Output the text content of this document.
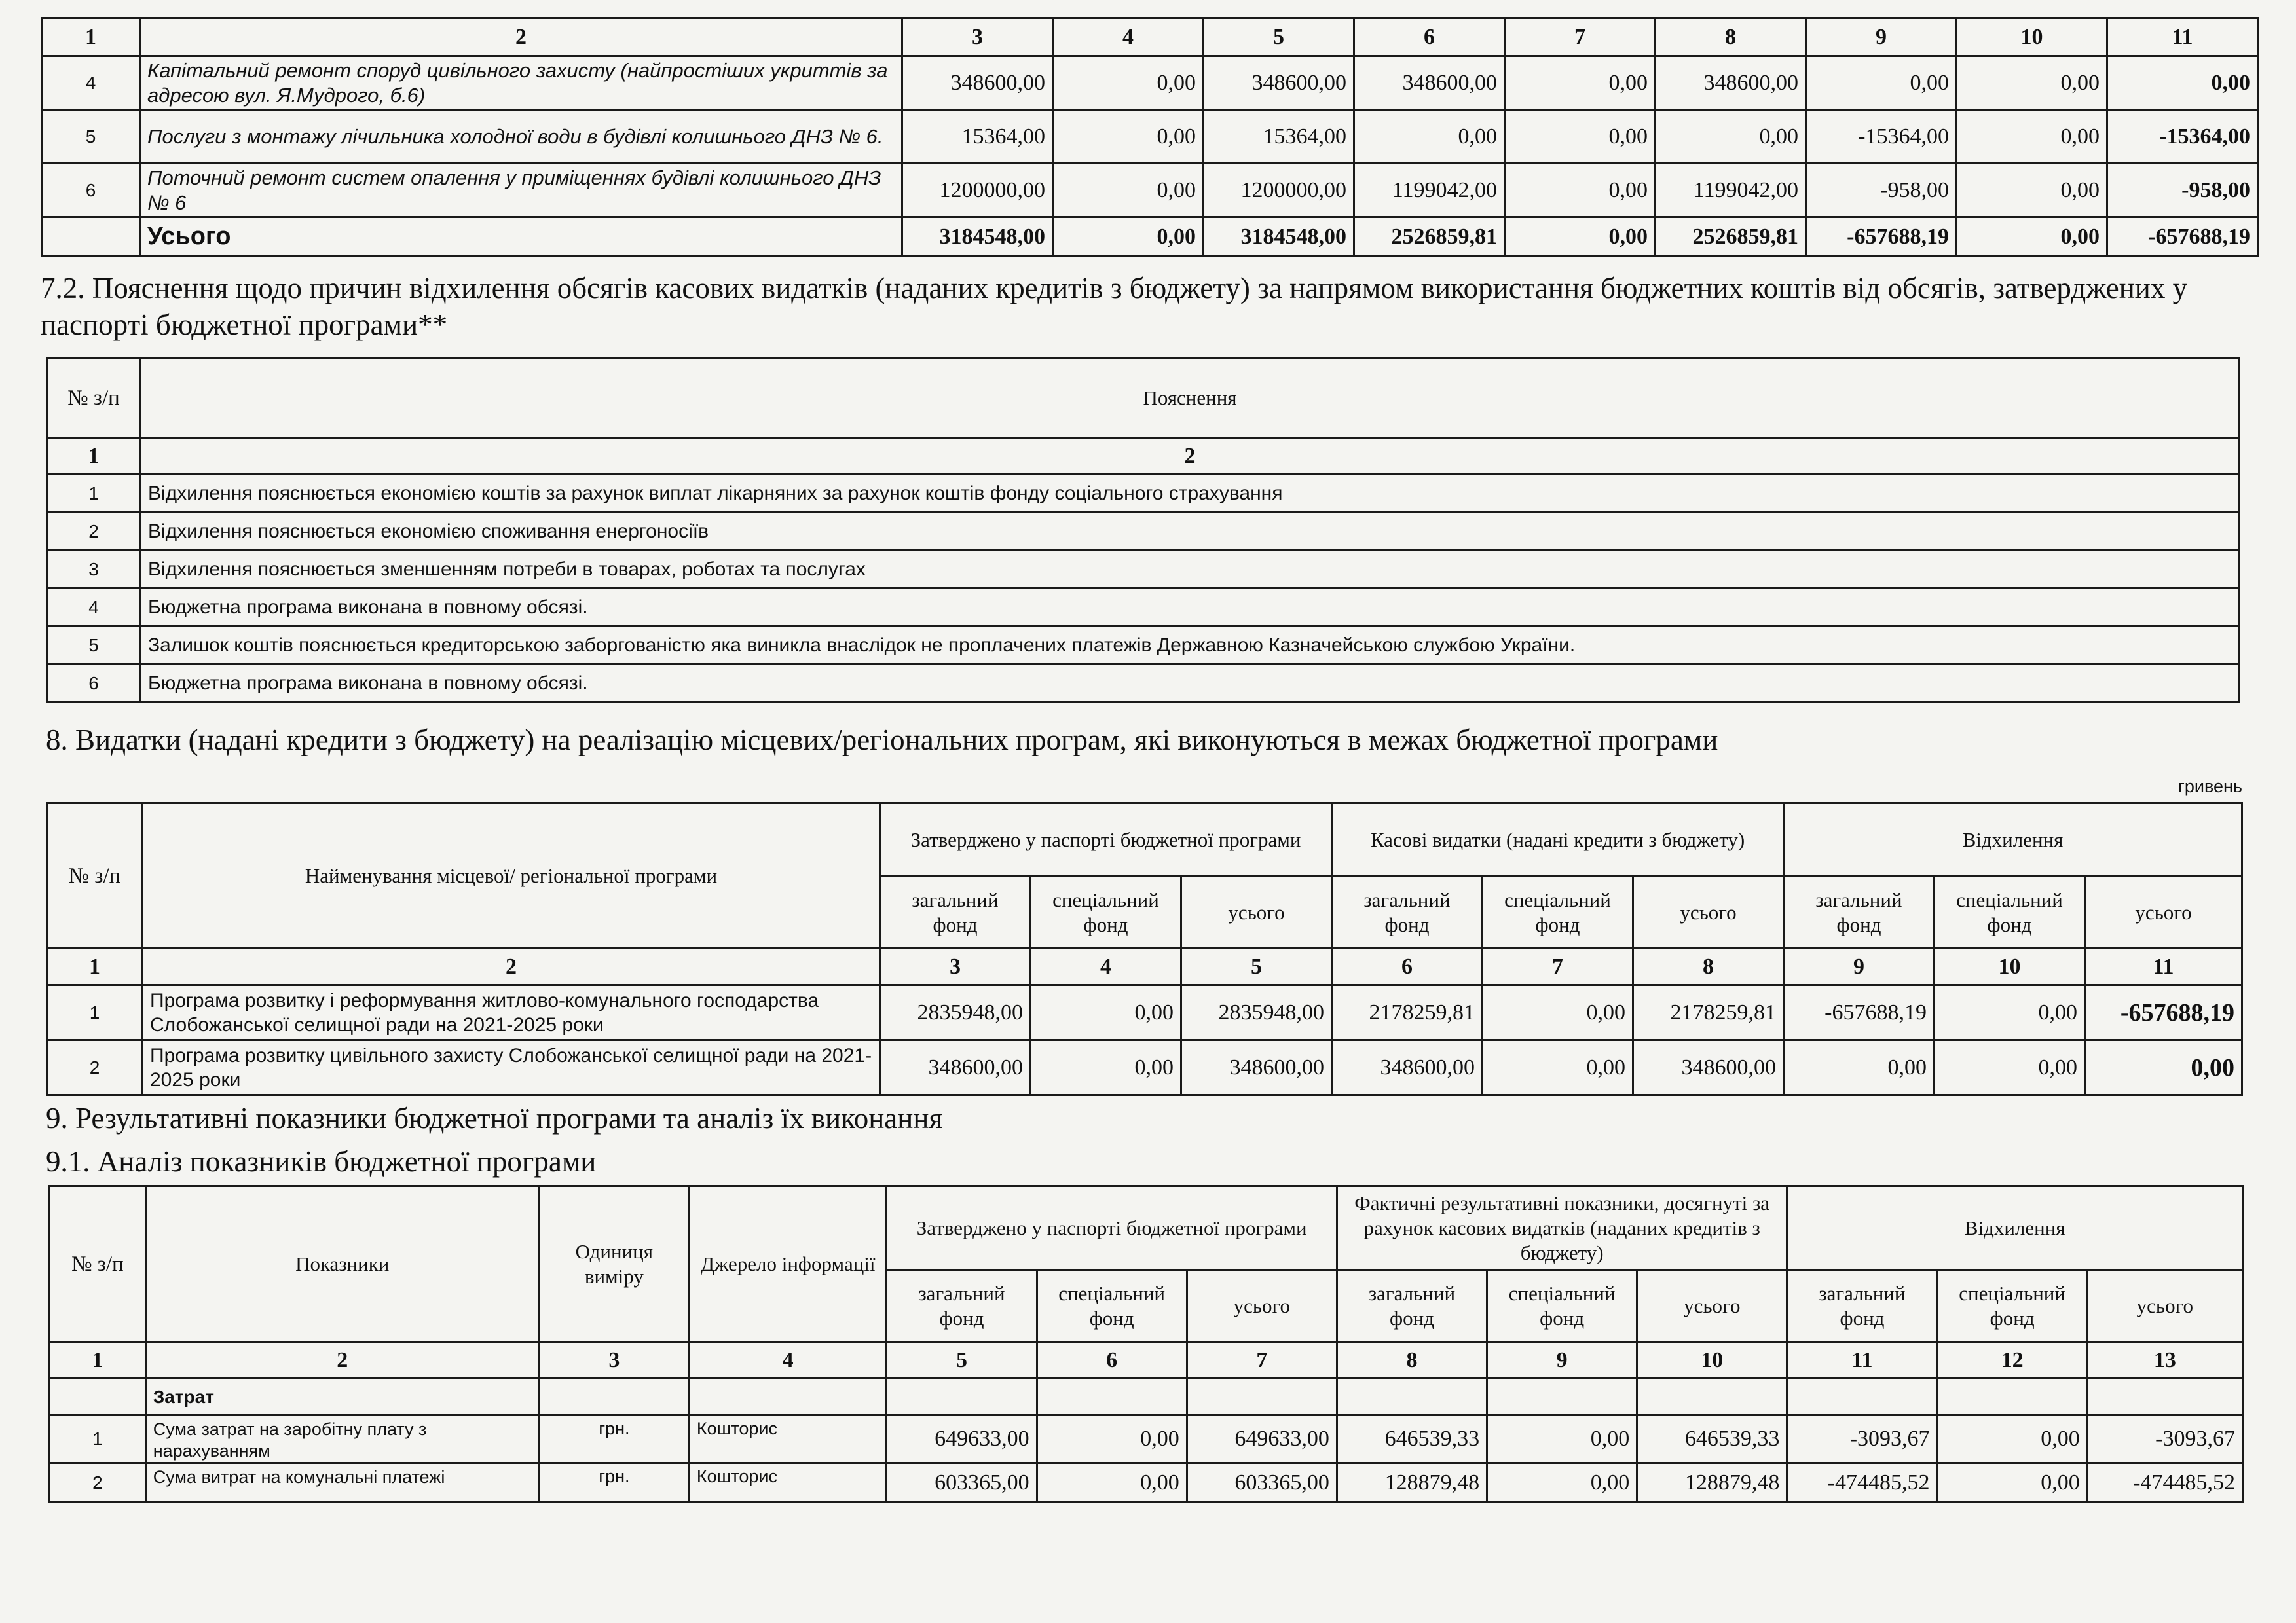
1	2	3	4	5	6	7	8	9	10	11
4	Капітальний ремонт споруд цивільного захисту (найпростіших укриттів за адресою вул. Я.Мудрого, б.6)	348600,00	0,00	348600,00	348600,00	0,00	348600,00	0,00	0,00	0,00
5	Послуги з монтажу лічильника холодної води в будівлі колишнього ДНЗ № 6.	15364,00	0,00	15364,00	0,00	0,00	0,00	-15364,00	0,00	-15364,00
6	Поточний ремонт систем опалення у приміщеннях будівлі колишнього ДНЗ № 6	1200000,00	0,00	1200000,00	1199042,00	0,00	1199042,00	-958,00	0,00	-958,00
	Усього	3184548,00	0,00	3184548,00	2526859,81	0,00	2526859,81	-657688,19	0,00	-657688,19
7.2. Пояснення щодо причин відхилення обсягів касових видатків (наданих кредитів з бюджету) за напрямом використання бюджетних коштів від обсягів, затверджених у паспорті бюджетної програми**
№ з/п	Пояснення
1	2
1	Відхилення пояснюється економією коштів за рахунок виплат лікарняних за рахунок коштів фонду соціального страхування
2	Відхилення пояснюється економією споживання енергоносіїв
3	Відхилення пояснюється зменшенням потреби в товарах, роботах та послугах
4	Бюджетна програма виконана в повному обсязі.
5	Залишок коштів пояснюється кредиторською заборгованістю яка виникла внаслідок не проплачених платежів Державною Казначейською службою України.
6	Бюджетна програма виконана в повному обсязі.
8. Видатки (надані кредити з бюджету) на реалізацію місцевих/регіональних програм, які виконуються в межах бюджетної програми
гривень
№ з/п	Найменування місцевої/ регіональної програми	Затверджено у паспорті бюджетної програми			Касові видатки (надані кредити з бюджету)			Відхилення		
		загальний фонд	спеціальний фонд	усього	загальний фонд	спеціальний фонд	усього	загальний фонд	спеціальний фонд	усього
1	2	3	4	5	6	7	8	9	10	11
1	Програма розвитку і реформування житлово-комунального господарства Слобожанської селищної ради на 2021-2025 роки	2835948,00	0,00	2835948,00	2178259,81	0,00	2178259,81	-657688,19	0,00	-657688,19
2	Програма розвитку цивільного захисту Слобожанської селищної ради на 2021-2025 роки	348600,00	0,00	348600,00	348600,00	0,00	348600,00	0,00	0,00	0,00
9. Результативні показники бюджетної програми та аналіз їх виконання
9.1. Аналіз показників бюджетної програми
№ з/п	Показники	Одиниця виміру	Джерело інформації	Затверджено у паспорті бюджетної програми			Фактичні результативні показники, досягнуті за рахунок касових видатків (наданих кредитів з бюджету)			Відхилення		
				загальний фонд	спеціальний фонд	усього	загальний фонд	спеціальний фонд	усього	загальний фонд	спеціальний фонд	усього
1	2	3	4	5	6	7	8	9	10	11	12	13
	Затрат											
1	Сума затрат на заробітну плату з нарахуванням	грн.	Кошторис	649633,00	0,00	649633,00	646539,33	0,00	646539,33	-3093,67	0,00	-3093,67
2	Сума витрат на комунальні платежі	грн.	Кошторис	603365,00	0,00	603365,00	128879,48	0,00	128879,48	-474485,52	0,00	-474485,52
